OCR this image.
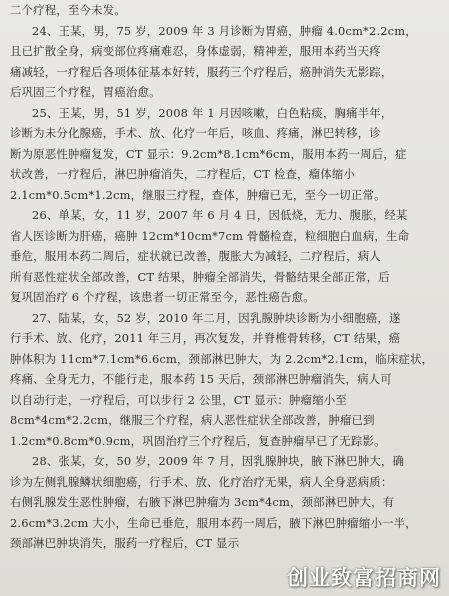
二个疗程，至今未发。
24、王某，男，75 岁，2009 年 3 月诊断为胃癌，肿瘤 4.0cm*2.2cm，
且已扩散全身，病变部位疼痛难忍，身体虚弱，精神差，服用本药当天疼
痛减轻，一疗程后各项体征基本好转，服药三个疗程后，癌肿消失无影踪，
后巩固三个疗程，胃癌治愈。
25、王某，男，51 岁，2008 年 1 月因咳嗽，白色粘痰，胸痛半年，
诊断为未分化腺癌，手术、放、化疗一年后，咳血、疼痛，淋巴转移，诊
断为原恶性肿瘤复发，CT 显示：9.2cm*8.1cm*6cm，服用本药一周后，症
状改善，一疗程后，淋巴肿瘤消失，二疗程后，CT 检查，瘤体缩小
2.1cm*0.5cm*1.2cm，继服三疗程，查体，肿瘤已无，至今一切正常。
26、单某，女，11 岁，2007 年 6 月 4 日，因低烧，无力、腹胀，经某
省人医诊断为肝癌，癌肿 12cm*10cm*7cm 骨髓检查，粒细胞白血病，生命
垂危，服用本药二周后，症状就已改善，腹胀大为减轻，二疗程后，病人
所有恶性症状全部改善，CT 结果，肿瘤全部消失，骨骼结果全部正常，后
复巩固治疗 6 个疗程，该患者一切正常至今，恶性癌告愈。
27、陆某，女，52 岁，2010 年二月，因乳腺肿块诊断为小细胞癌，遂
行手术、放、化疗，2011 年三月，再次复发，并脊椎骨转移，CT 结果，癌
肿体积为 11cm*7.1cm*6.6cm，颈部淋巴肿大，为 2.2cm*2.1cm，临床症状，
疼痛、全身无力，不能行走，服本药 15 天后，颈部淋巴肿瘤消失，病人可
以自动行走，一疗程后，可以步行 2 公里，CT 显示：肿瘤缩小至
8cm*4cm*2.2cm，继服三个疗程，病人恶性症状全部改善，肿瘤已到
1.2cm*0.8cm*0.9cm，巩固治疗三个疗程后，复查肿瘤早已了无踪影。
28、张某，女，50 岁，2009 年 7 月，因乳腺肿块，腋下淋巴肿大，确
诊为左侧乳腺鳞状细胞癌，行手术、放、化疗治疗无果，病人全身恶病质：
右侧乳腺发生恶性肿瘤，右腋下淋巴肿瘤为 3cm*4cm，颈部淋巴肿大，有
2.6cm*3.2cm 大小，生命已垂危，服用本药一周后，腋下淋巴肿瘤缩小一半，
颈部淋巴肿块消失，服药一疗程后，CT 显示
创业致富招商网
